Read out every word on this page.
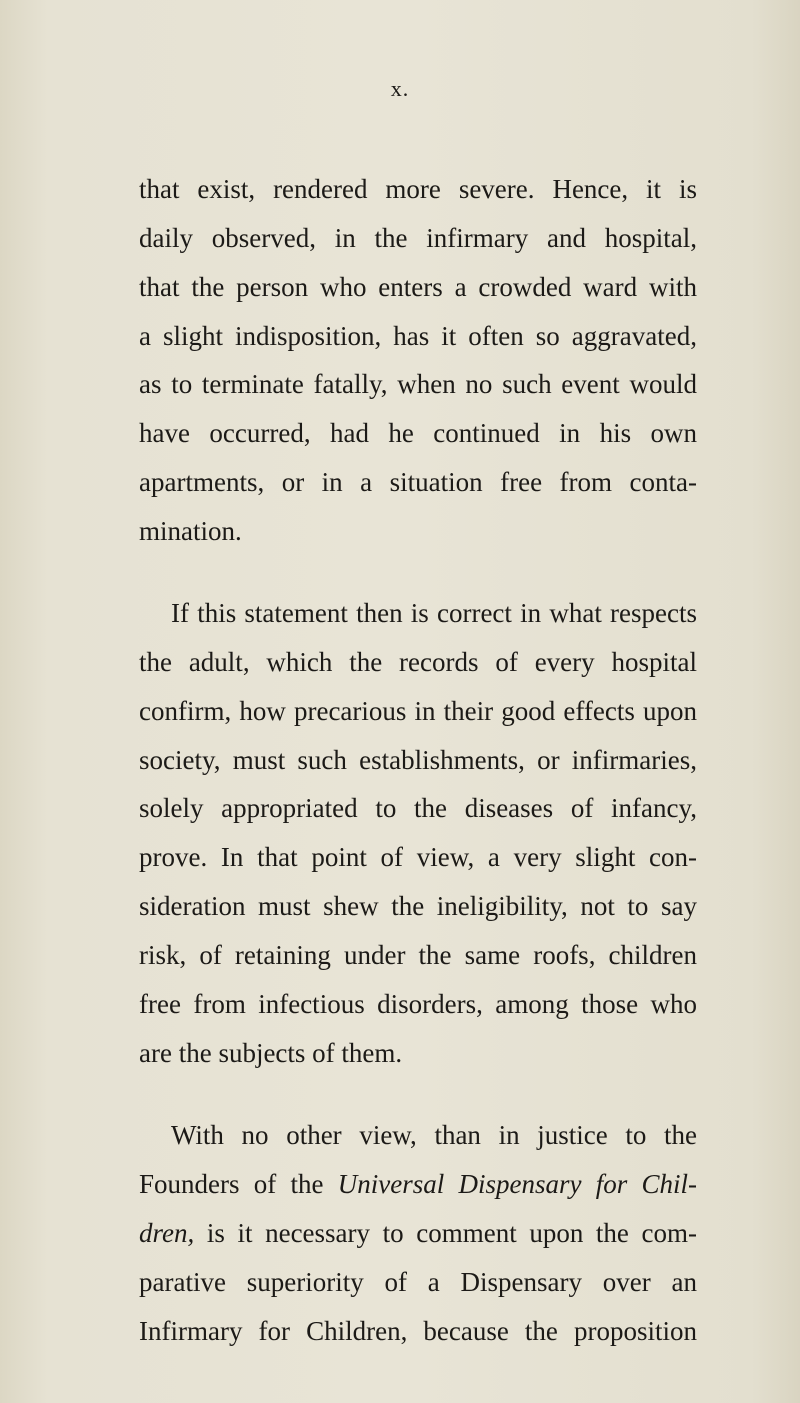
x.
that exist, rendered more severe. Hence, it is
daily observed, in the infirmary and hospital,
that the person who enters a crowded ward with
a slight indisposition, has it often so aggravated,
as to terminate fatally, when no such event would
have occurred, had he continued in his own
apartments, or in a situation free from conta-
mination.
If this statement then is correct in what respects
the adult, which the records of every hospital
confirm, how precarious in their good effects upon
society, must such establishments, or infirmaries,
solely appropriated to the diseases of infancy,
prove. In that point of view, a very slight con-
sideration must shew the ineligibility, not to say
risk, of retaining under the same roofs, children
free from infectious disorders, among those who
are the subjects of them.
With no other view, than in justice to the
Founders of the Universal Dispensary for Chil-
dren, is it necessary to comment upon the com-
parative superiority of a Dispensary over an
Infirmary for Children, because the proposition
